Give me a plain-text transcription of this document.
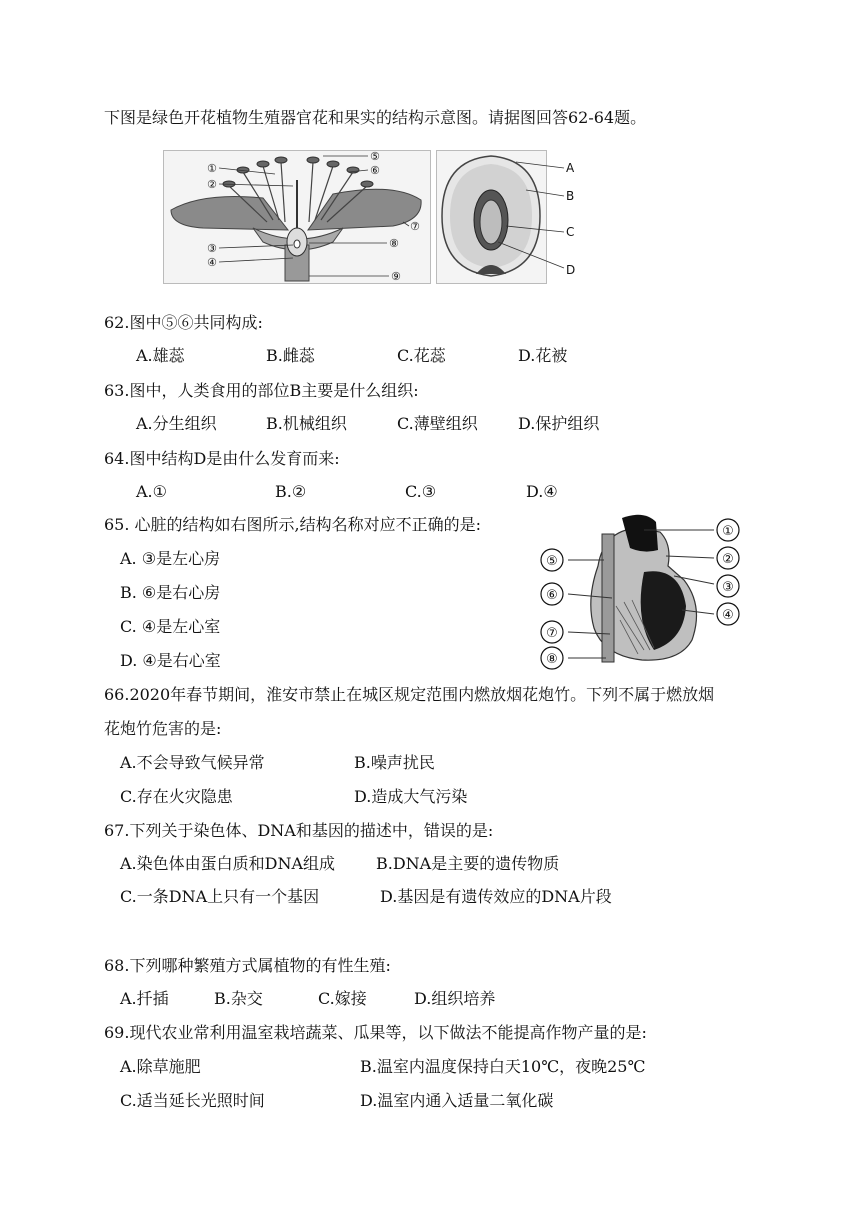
下图是绿色开花植物生殖器官花和果实的结构示意图。请据图回答62-64题。
①
②
③
④
⑤
⑥
⑦
⑧
⑨
A
B
C
D
62.图中⑤⑥共同构成:
A.雄蕊	B.雌蕊	C.花蕊	D.花被
63.图中，人类食用的部位B主要是什么组织:
A.分生组织	B.机械组织	C.薄壁组织	D.保护组织
64.图中结构D是由什么发育而来:
A.①	B.②	C.③	D.④
65. 心脏的结构如右图所示,结构名称对应不正确的是:
A. ③是左心房
B. ⑥是右心房
C. ④是左心室
D. ④是右心室
①
②
③
④
⑤
⑥
⑦
⑧
66.2020年春节期间，淮安市禁止在城区规定范围内燃放烟花炮竹。下列不属于燃放烟
花炮竹危害的是:
A.不会导致气候异常	B.噪声扰民
C.存在火灾隐患	D.造成大气污染
67.下列关于染色体、DNA和基因的描述中，错误的是:
A.染色体由蛋白质和DNA组成	B.DNA是主要的遗传物质
C.一条DNA上只有一个基因	D.基因是有遗传效应的DNA片段
68.下列哪种繁殖方式属植物的有性生殖:
A.扦插	B.杂交	C.嫁接	D.组织培养
69.现代农业常利用温室栽培蔬菜、瓜果等，以下做法不能提高作物产量的是:
A.除草施肥	B.温室内温度保持白天10℃，夜晚25℃
C.适当延长光照时间	D.温室内通入适量二氧化碳
